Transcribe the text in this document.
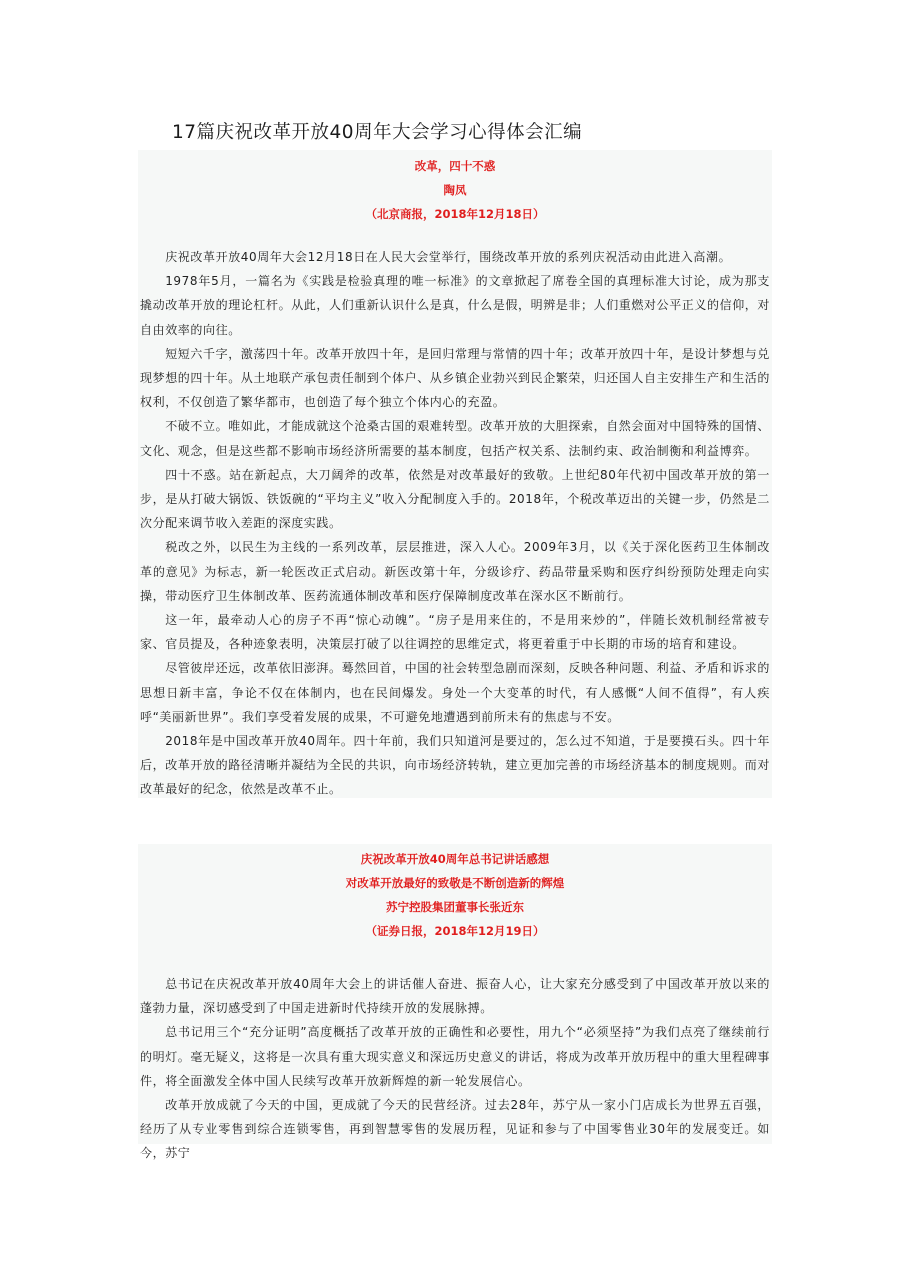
17篇庆祝改革开放40周年大会学习心得体会汇编
改革，四十不惑
陶凤
（北京商报，2018年12月18日）

庆祝改革开放40周年大会12月18日在人民大会堂举行，围绕改革开放的系列庆祝活动由此进入高潮。

1978年5月，一篇名为《实践是检验真理的唯一标准》的文章掀起了席卷全国的真理标准大讨论，成为那支撬动改革开放的理论杠杆。从此，人们重新认识什么是真，什么是假，明辨是非；人们重燃对公平正义的信仰，对自由效率的向往。

短短六千字，激荡四十年。改革开放四十年，是回归常理与常情的四十年；改革开放四十年，是设计梦想与兑现梦想的四十年。从土地联产承包责任制到个体户、从乡镇企业勃兴到民企繁荣，归还国人自主安排生产和生活的权利，不仅创造了繁华都市，也创造了每个独立个体内心的充盈。

不破不立。唯如此，才能成就这个沧桑古国的艰难转型。改革开放的大胆探索，自然会面对中国特殊的国情、文化、观念，但是这些都不影响市场经济所需要的基本制度，包括产权关系、法制约束、政治制衡和利益博弈。

四十不惑。站在新起点，大刀阔斧的改革，依然是对改革最好的致敬。上世纪80年代初中国改革开放的第一步，是从打破大锅饭、铁饭碗的“平均主义”收入分配制度入手的。2018年，个税改革迈出的关键一步，仍然是二次分配来调节收入差距的深度实践。

税改之外，以民生为主线的一系列改革，层层推进，深入人心。2009年3月，以《关于深化医药卫生体制改革的意见》为标志，新一轮医改正式启动。新医改第十年，分级诊疗、药品带量采购和医疗纠纷预防处理走向实操，带动医疗卫生体制改革、医药流通体制改革和医疗保障制度改革在深水区不断前行。

这一年，最牵动人心的房子不再“惊心动魄”。“房子是用来住的，不是用来炒的”，伴随长效机制经常被专家、官员提及，各种迹象表明，决策层打破了以往调控的思维定式，将更着重于中长期的市场的培育和建设。

尽管彼岸还远，改革依旧澎湃。蓦然回首，中国的社会转型急剧而深刻，反映各种问题、利益、矛盾和诉求的思想日新丰富，争论不仅在体制内，也在民间爆发。身处一个大变革的时代，有人感慨“人间不值得”，有人疾呼“美丽新世界”。我们享受着发展的成果，不可避免地遭遇到前所未有的焦虑与不安。

2018年是中国改革开放40周年。四十年前，我们只知道河是要过的，怎么过不知道，于是要摸石头。四十年后，改革开放的路径清晰并凝结为全民的共识，向市场经济转轨，建立更加完善的市场经济基本的制度规则。而对改革最好的纪念，依然是改革不止。

庆祝改革开放40周年总书记讲话感想
对改革开放最好的致敬是不断创造新的辉煌
苏宁控股集团董事长张近东
（证券日报，2018年12月19日）

总书记在庆祝改革开放40周年大会上的讲话催人奋进、振奋人心，让大家充分感受到了中国改革开放以来的蓬勃力量，深切感受到了中国走进新时代持续开放的发展脉搏。

总书记用三个“充分证明”高度概括了改革开放的正确性和必要性，用九个“必须坚持”为我们点亮了继续前行的明灯。毫无疑义，这将是一次具有重大现实意义和深远历史意义的讲话，将成为改革开放历程中的重大里程碑事件，将全面激发全体中国人民续写改革开放新辉煌的新一轮发展信心。

改革开放成就了今天的中国，更成就了今天的民营经济。过去28年，苏宁从一家小门店成长为世界五百强，经历了从专业零售到综合连锁零售，再到智慧零售的发展历程，见证和参与了中国零售业30年的发展变迁。如今，苏宁
